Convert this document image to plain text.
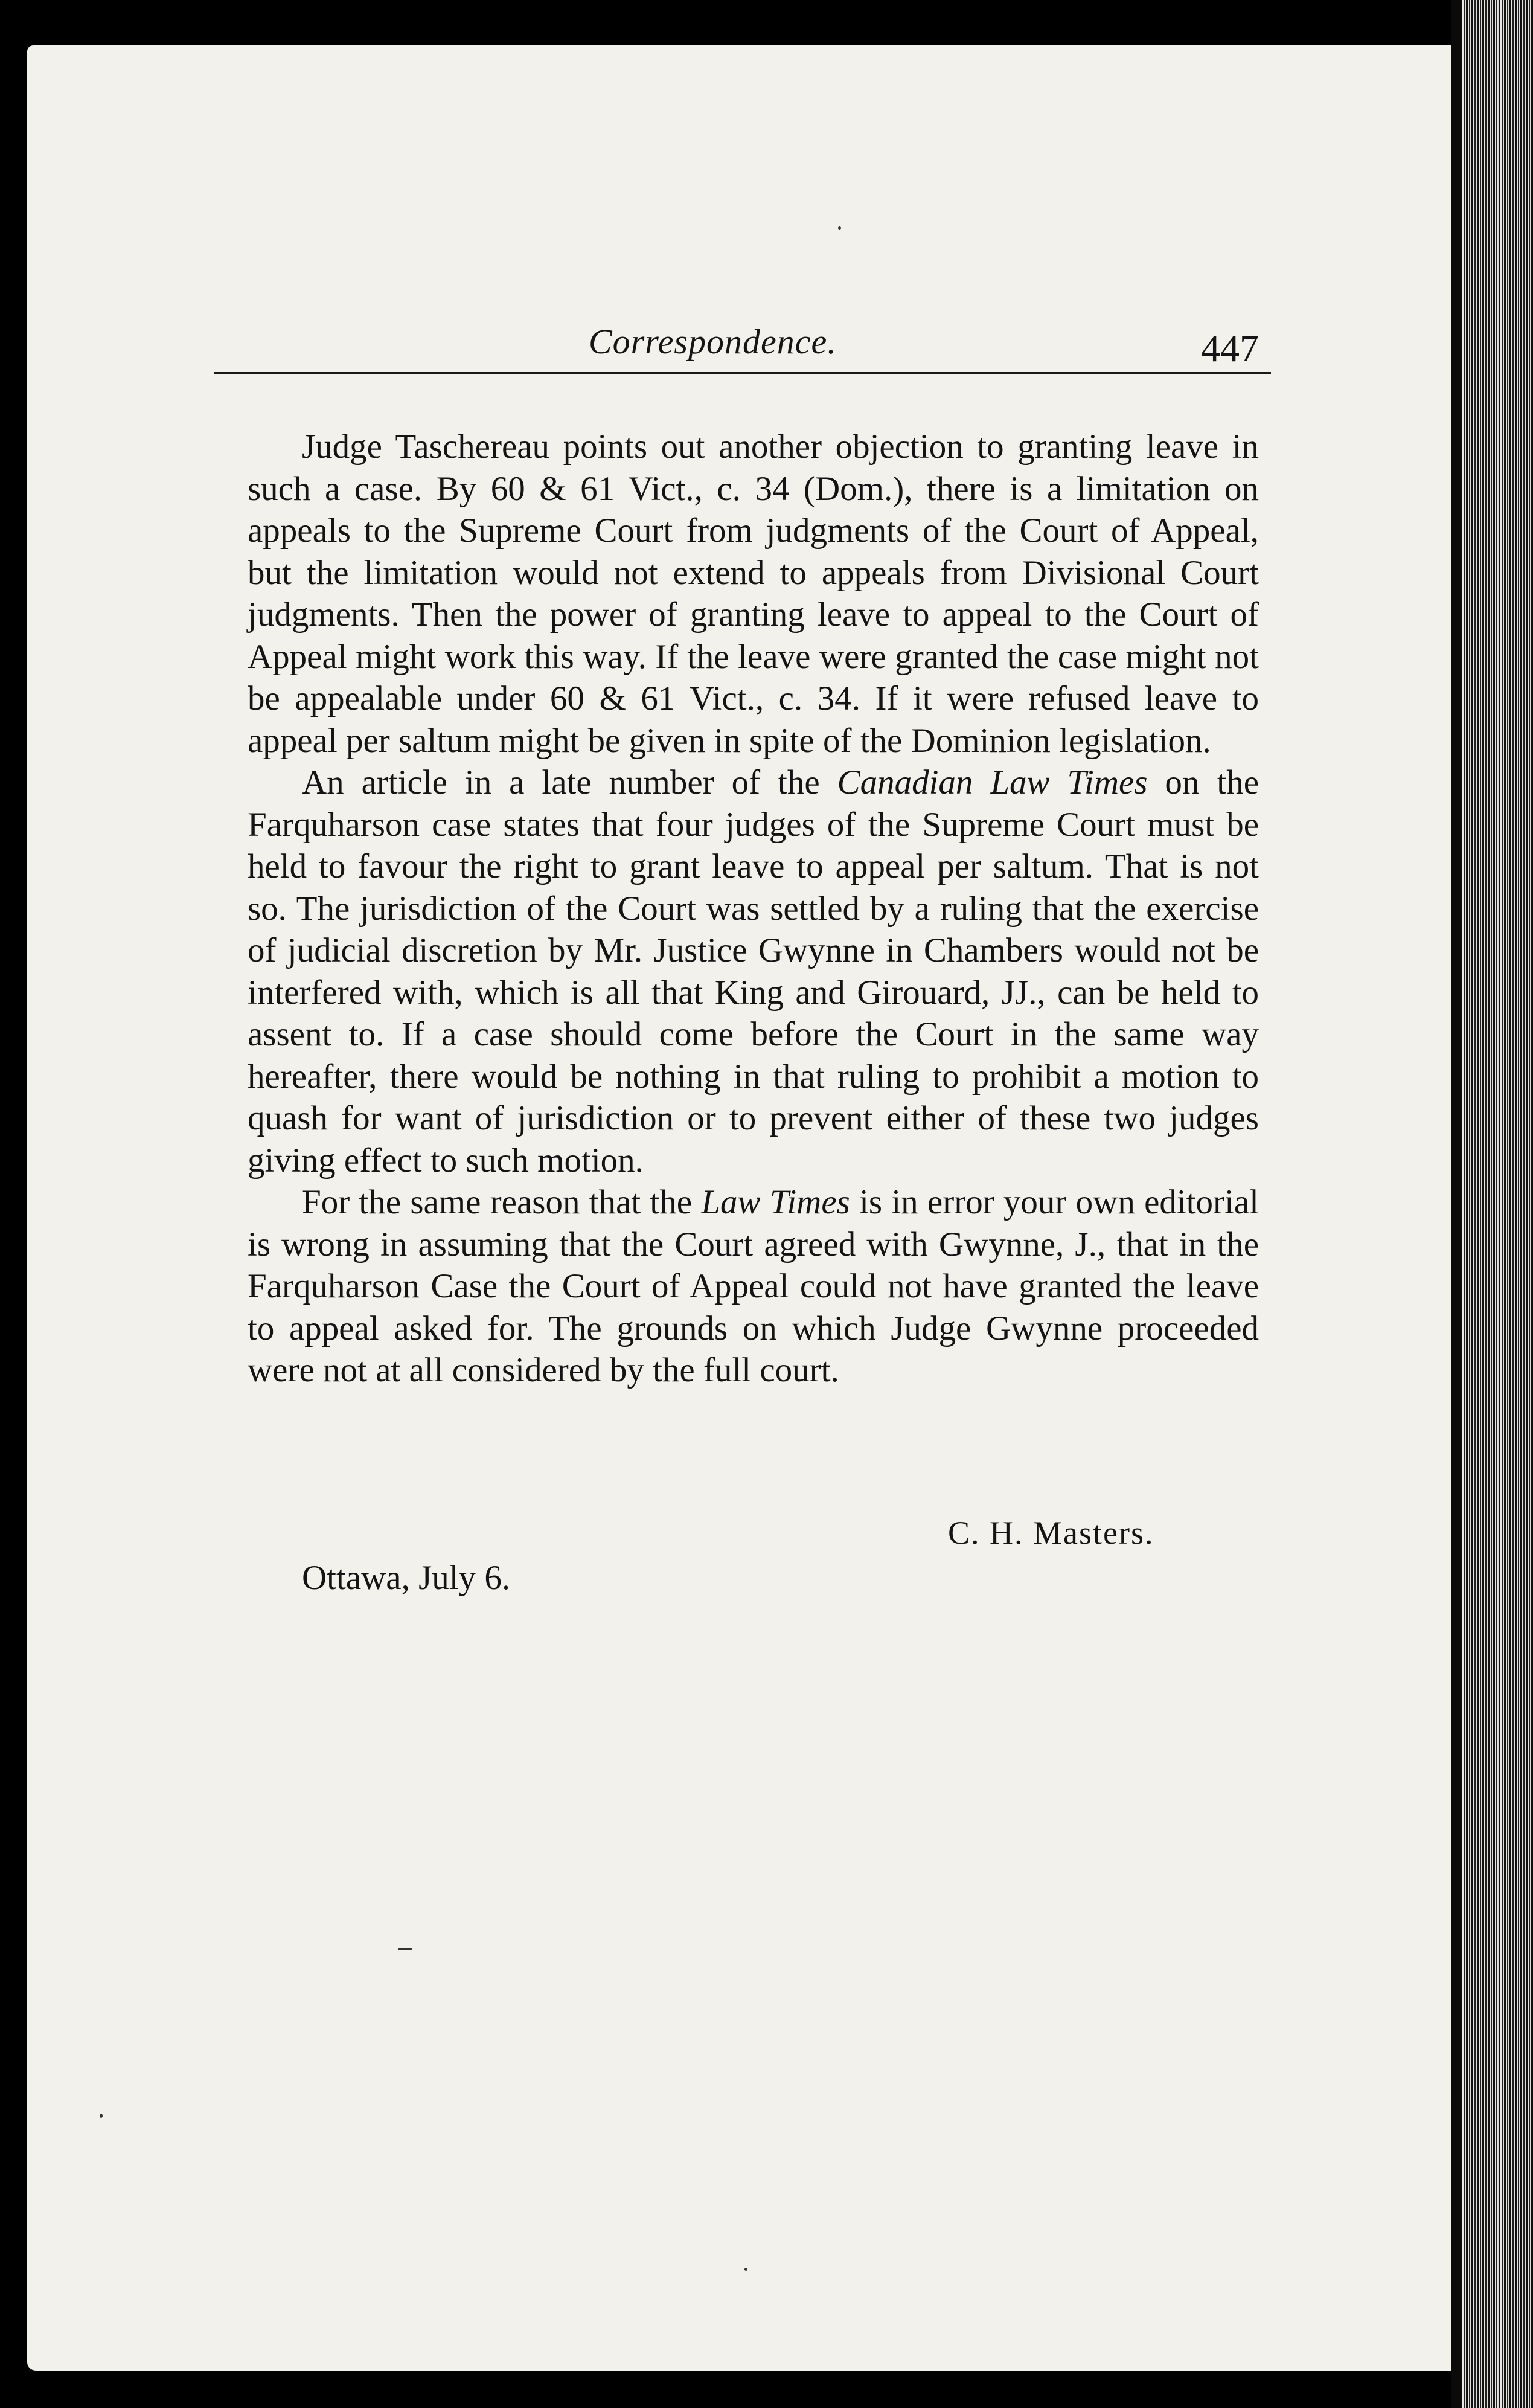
Correspondence.	447

Judge Taschereau points out another objection to granting leave in such a case. By 60 & 61 Vict., c. 34 (Dom.), there is a limitation on appeals to the Supreme Court from judgments of the Court of Appeal, but the limitation would not extend to appeals from Divisional Court judgments. Then the power of granting leave to appeal to the Court of Appeal might work this way. If the leave were granted the case might not be appealable under 60 & 61 Vict., c. 34. If it were refused leave to appeal per saltum might be given in spite of the Dominion legislation.

An article in a late number of the Canadian Law Times on the Farquharson case states that four judges of the Supreme Court must be held to favour the right to grant leave to appeal per saltum. That is not so. The jurisdiction of the Court was settled by a ruling that the exercise of judicial discretion by Mr. Justice Gwynne in Chambers would not be interfered with, which is all that King and Girouard, JJ., can be held to assent to. If a case should come before the Court in the same way hereafter, there would be nothing in that ruling to prohibit a motion to quash for want of jurisdiction or to prevent either of these two judges giving effect to such motion.

For the same reason that the Law Times is in error your own editorial is wrong in assuming that the Court agreed with Gwynne, J., that in the Farquharson Case the Court of Appeal could not have granted the leave to appeal asked for. The grounds on which Judge Gwynne proceeded were not at all considered by the full court.

C. H. Masters.
Ottawa, July 6.
